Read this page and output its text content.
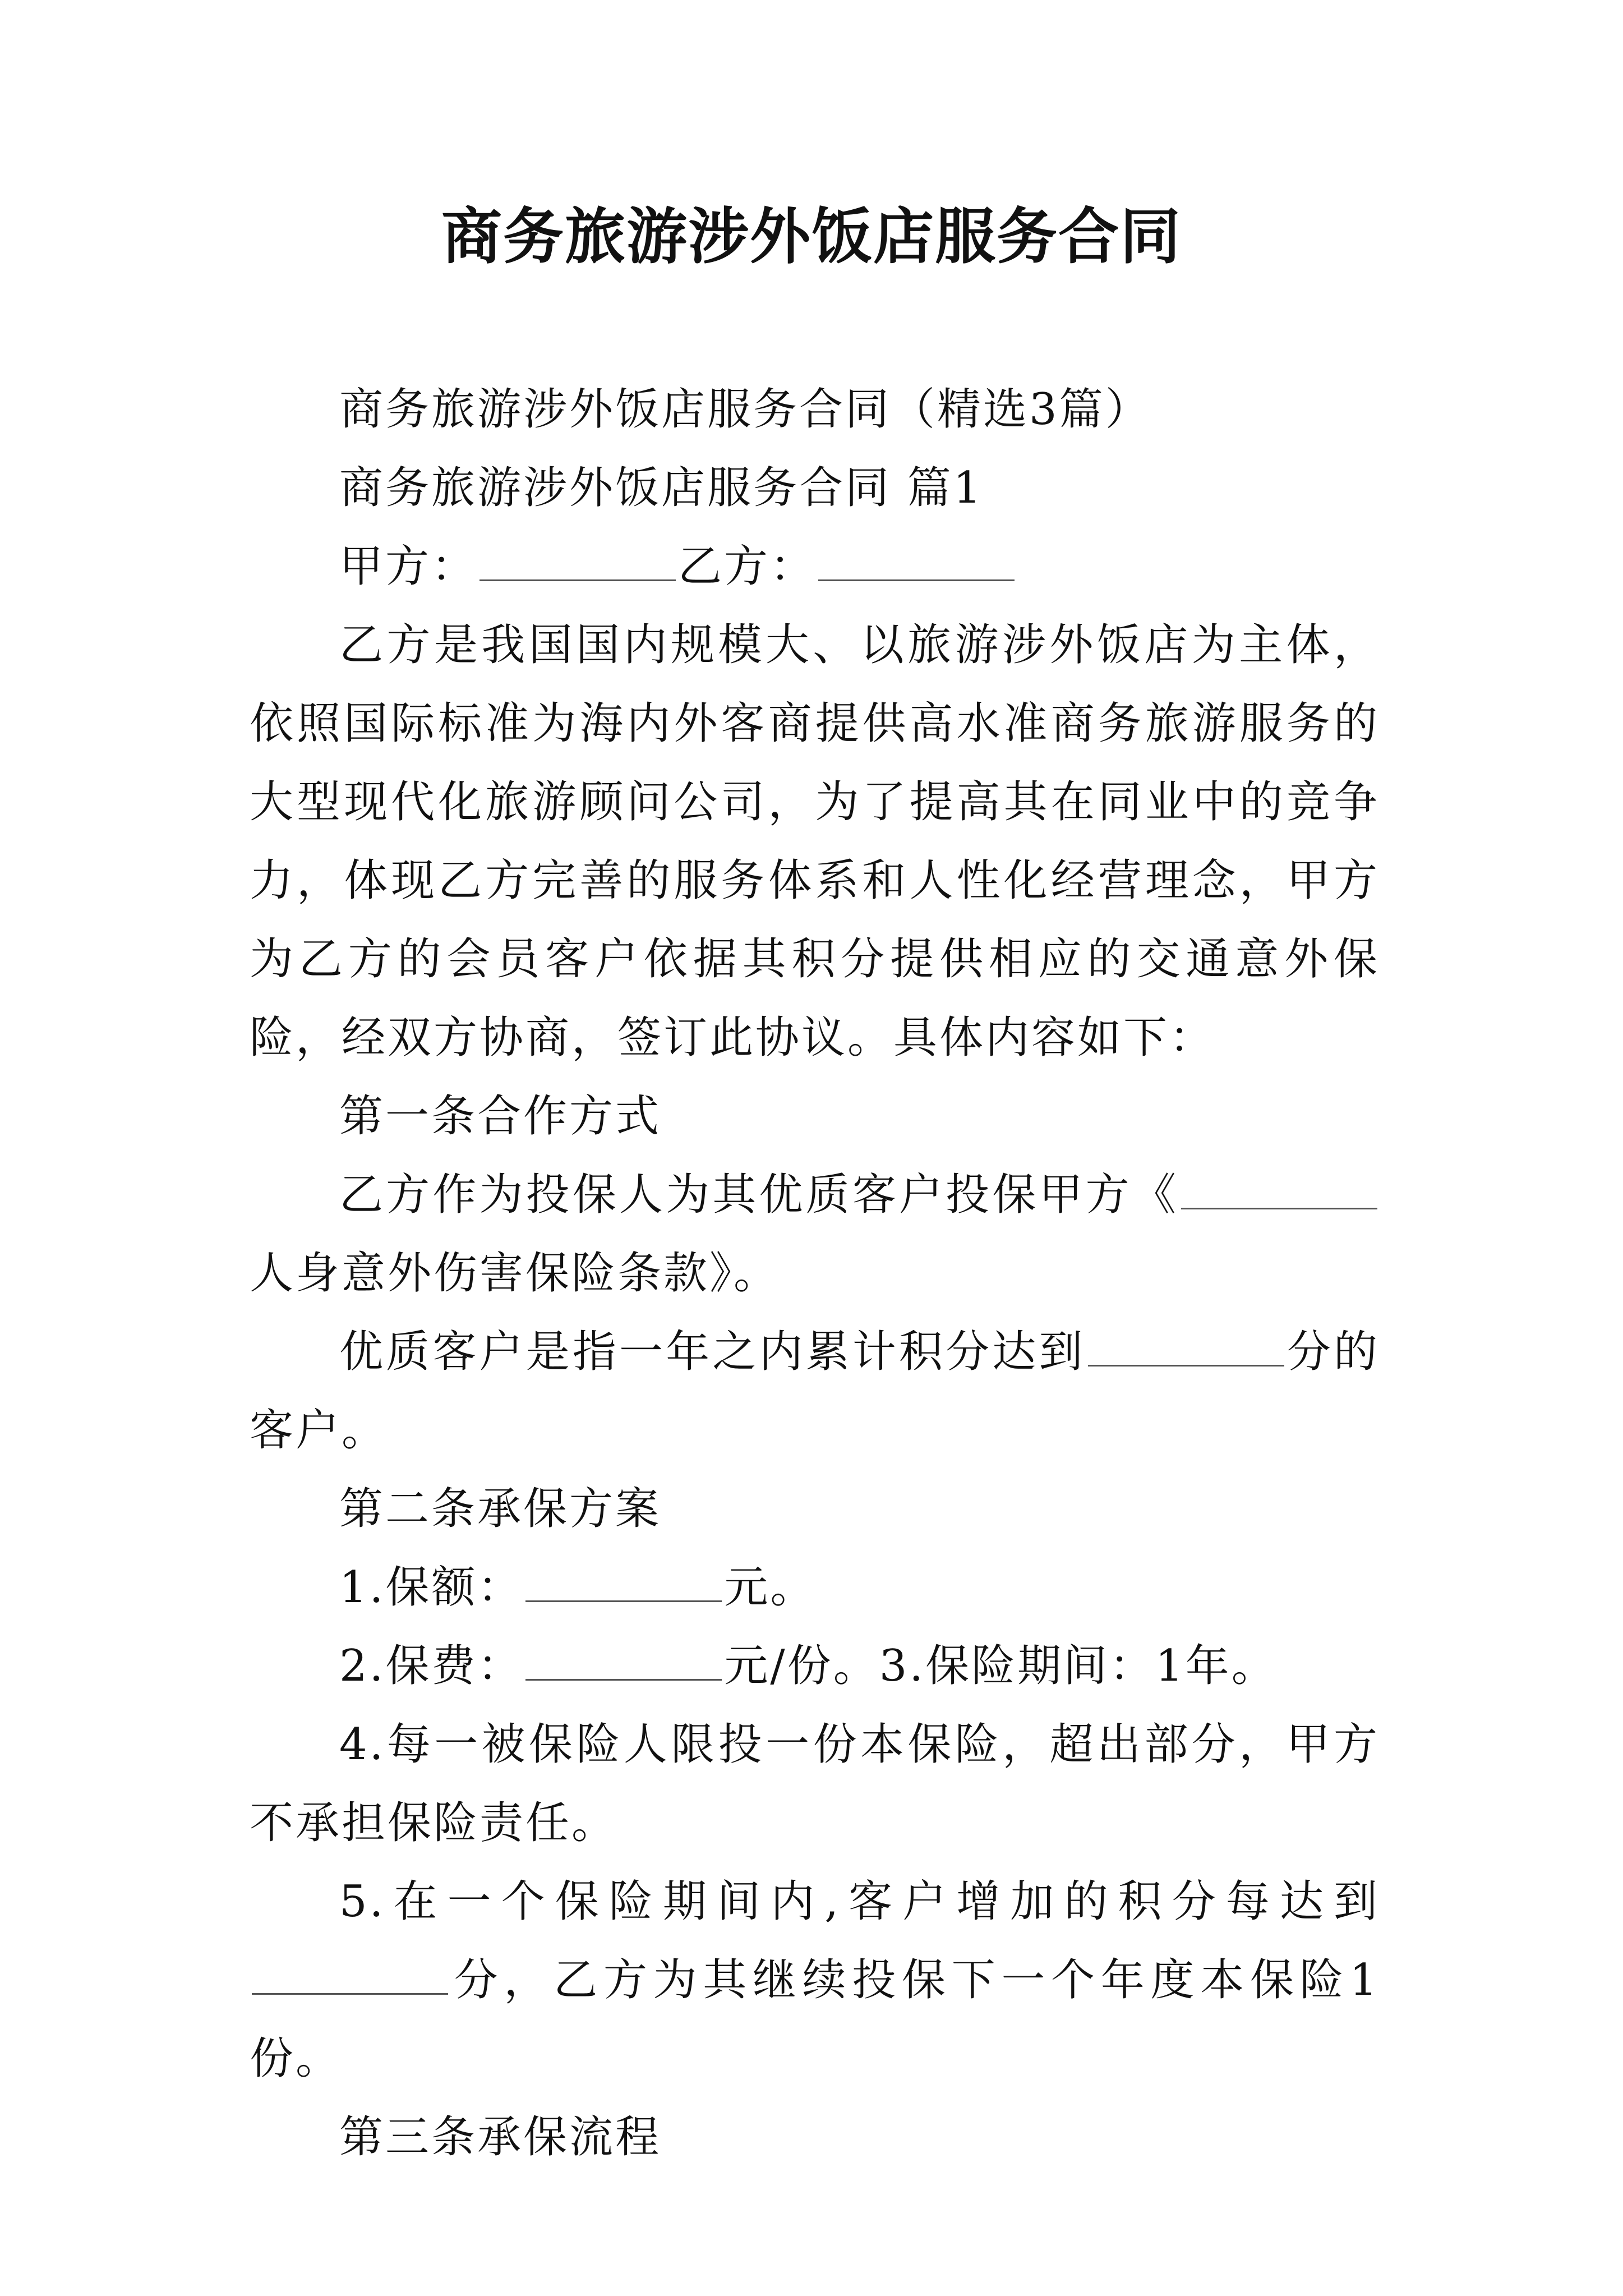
商务旅游涉外饭店服务合同

商务旅游涉外饭店服务合同（精选3篇）

商务旅游涉外饭店服务合同 篇1

甲方：	乙方：

乙方是我国国内规模大、以旅游涉外饭店为主体，依照国际标准为海内外客商提供高水准商务旅游服务的大型现代化旅游顾问公司，为了提高其在同业中的竞争力，体现乙方完善的服务体系和人性化经营理念，甲方为乙方的会员客户依据其积分提供相应的交通意外保险，经双方协商，签订此协议。具体内容如下：

第一条合作方式

乙方作为投保人为其优质客户投保甲方《人身意外伤害保险条款》。

优质客户是指一年之内累计积分达到	分的客户。

第二条承保方案

1.保额：	元。

2.保费：	元/份。3.保险期间：1年。

4.每一被保险人限投一份本保险，超出部分，甲方不承担保险责任。

5.在一个保险期间内,客户增加的积分每达到分，乙方为其继续投保下一个年度本保险1份。

第三条承保流程
